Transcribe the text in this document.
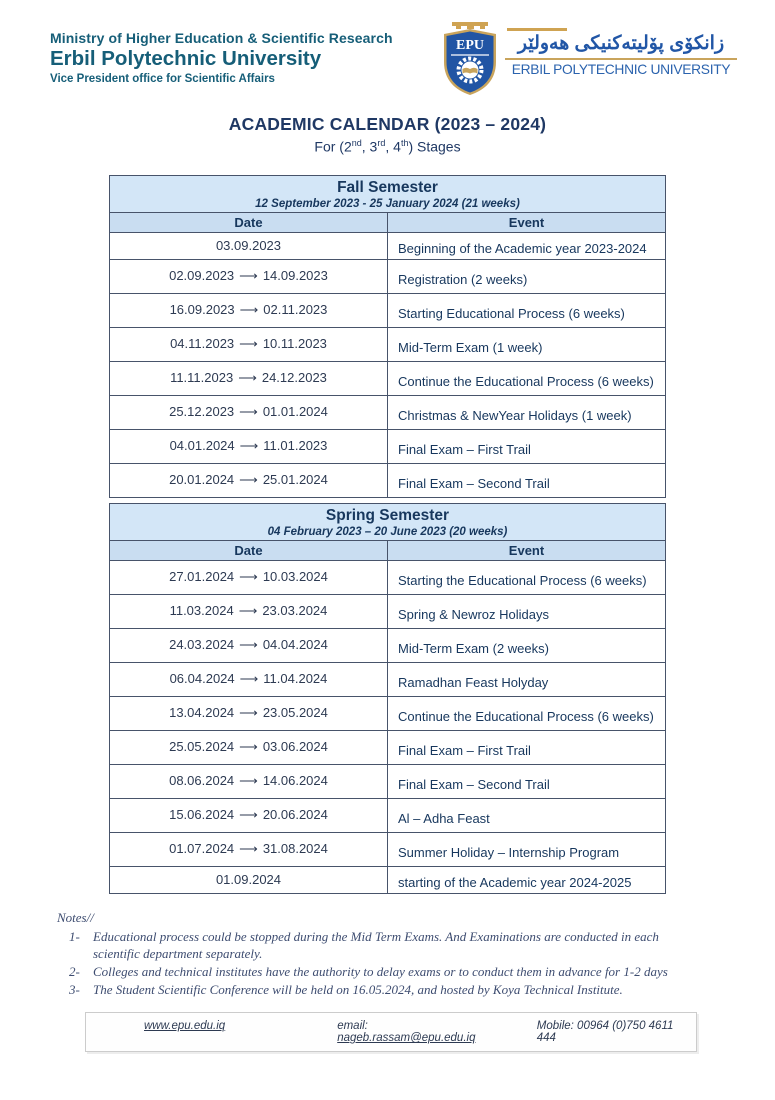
Ministry of Higher Education & Scientific Research
Erbil Polytechnic University
Vice President office for Scientific Affairs
EPU	زانکۆی پۆلیتەکنیکی هەولێر
ERBIL POLYTECHNIC UNIVERSITY
ACADEMIC CALENDAR (2023 – 2024)
For (2nd, 3rd, 4th) Stages
Fall Semester
12 September 2023 - 25 January 2024 (21 weeks)	

Date	Event
03.09.2023	Beginning of the Academic year 2023-2024
02.09.2023 ⟶ 14.09.2023	Registration (2 weeks)
16.09.2023 ⟶ 02.11.2023	Starting Educational Process (6 weeks)
04.11.2023 ⟶ 10.11.2023	Mid-Term Exam (1 week)
11.11.2023 ⟶ 24.12.2023	Continue the Educational Process (6 weeks)
25.12.2023 ⟶ 01.01.2024	Christmas & NewYear Holidays (1 week)
04.01.2024 ⟶ 11.01.2023	Final Exam – First Trail
20.01.2024 ⟶ 25.01.2024	Final Exam – Second Trail
Spring Semester
04 February 2023 – 20 June 2023 (20 weeks)	

Date	Event
27.01.2024 ⟶ 10.03.2024	Starting the Educational Process (6 weeks)
11.03.2024 ⟶ 23.03.2024	Spring & Newroz Holidays
24.03.2024 ⟶ 04.04.2024	Mid-Term Exam (2 weeks)
06.04.2024 ⟶ 11.04.2024	Ramadhan Feast Holyday
13.04.2024 ⟶ 23.05.2024	Continue the Educational Process (6 weeks)
25.05.2024 ⟶ 03.06.2024	Final Exam – First Trail
08.06.2024 ⟶ 14.06.2024	Final Exam – Second Trail
15.06.2024 ⟶ 20.06.2024	Al – Adha Feast
01.07.2024 ⟶ 31.08.2024	Summer Holiday – Internship Program
01.09.2024	starting of the Academic year 2024-2025
Notes//
1-	Educational process could be stopped during the Mid Term Exams. And Examinations are conducted in each scientific department separately.
2-	Colleges and technical institutes have the authority to delay exams or to conduct them in advance for 1-2 days
3-	The Student Scientific Conference will be held on 16.05.2024, and hosted by Koya Technical Institute.
www.epu.edu.iq	email: nageb.rassam@epu.edu.iq
Mobile: 00964 (0)750 4611 444
